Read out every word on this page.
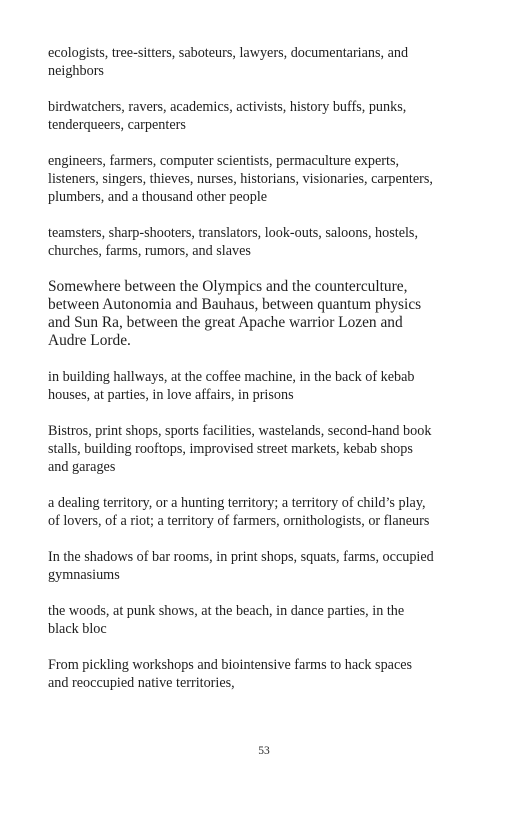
ecologists, tree-sitters, saboteurs, lawyers, documentarians, and neighbors

birdwatchers, ravers, academics, activists, history buffs, punks, tenderqueers, carpenters

engineers, farmers, computer scientists, permaculture experts, listeners, singers, thieves, nurses, historians, visionaries, carpenters, plumbers, and a thousand other people

teamsters, sharp-shooters, translators, look-outs, saloons, hostels, churches, farms, rumors, and slaves

Somewhere between the Olympics and the counterculture, between Autonomia and Bauhaus, between quantum physics and Sun Ra, between the great Apache warrior Lozen and Audre Lorde.

in building hallways, at the coffee machine, in the back of kebab houses, at parties, in love affairs, in prisons

Bistros, print shops, sports facilities, wastelands, second-hand book stalls, building rooftops, improvised street markets, kebab shops and garages

a dealing territory, or a hunting territory; a territory of child’s play, of lovers, of a riot; a territory of farmers, ornithologists, or flaneurs

In the shadows of bar rooms, in print shops, squats, farms, occupied gymnasiums

the woods, at punk shows, at the beach, in dance parties, in the black bloc

From pickling workshops and biointensive farms to hack spaces and reoccupied native territories,

53
